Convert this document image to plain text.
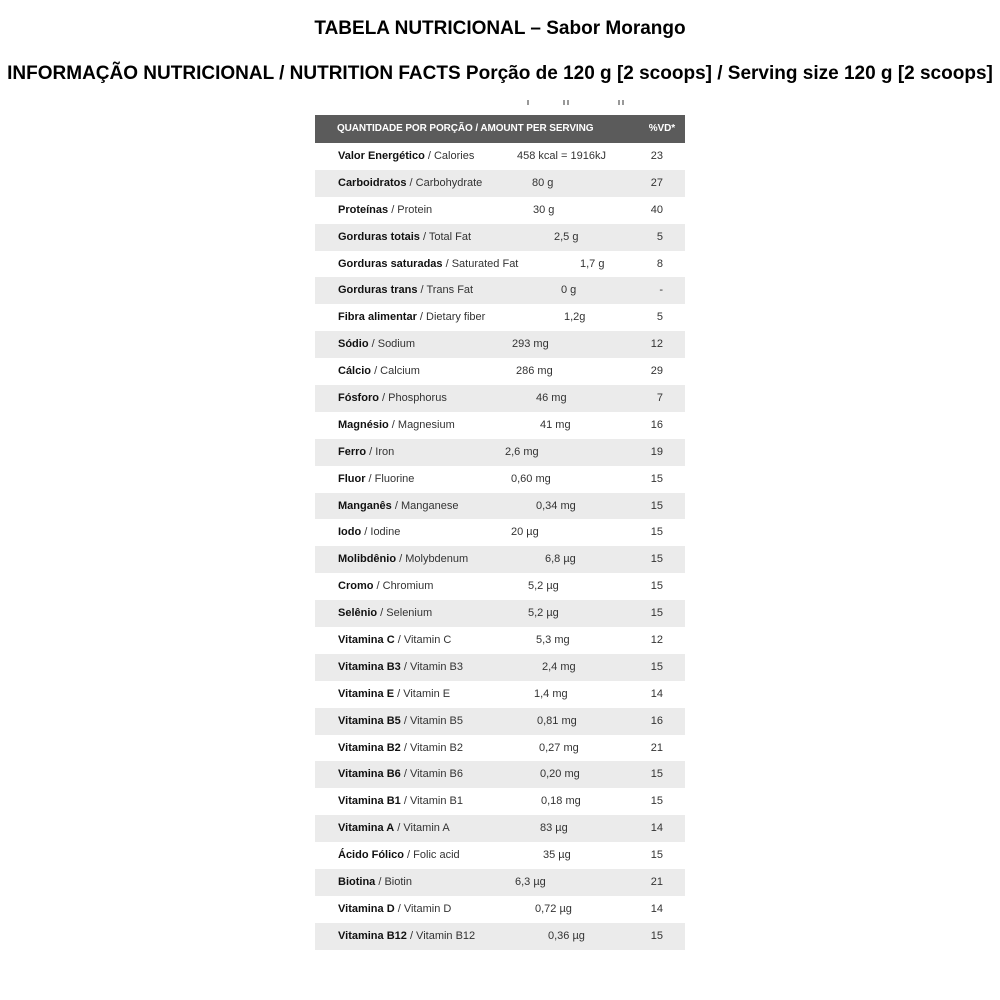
TABELA NUTRICIONAL – Sabor Morango
INFORMAÇÃO NUTRICIONAL / NUTRITION FACTS Porção de 120 g [2 scoops] / Serving size 120 g [2 scoops]
QUANTIDADE POR PORÇÃO / AMOUNT PER SERVING	%VD*
Valor Energético / Calories	458 kcal = 1916kJ	23
Carboidratos / Carbohydrate	80 g	27
Proteínas / Protein	30 g	40
Gorduras totais / Total Fat	2,5 g	5
Gorduras saturadas / Saturated Fat	1,7 g	8
Gorduras trans / Trans Fat	0 g	-
Fibra alimentar / Dietary fiber	1,2g	5
Sódio / Sodium	293 mg	12
Cálcio / Calcium	286 mg	29
Fósforo / Phosphorus	46 mg	7
Magnésio / Magnesium	41 mg	16
Ferro / Iron	2,6 mg	19
Fluor / Fluorine	0,60 mg	15
Manganês / Manganese	0,34 mg	15
Iodo / Iodine	20 µg	15
Molibdênio / Molybdenum	6,8 µg	15
Cromo / Chromium	5,2 µg	15
Selênio / Selenium	5,2 µg	15
Vitamina C / Vitamin C	5,3 mg	12
Vitamina B3 / Vitamin B3	2,4 mg	15
Vitamina E / Vitamin E	1,4 mg	14
Vitamina B5 / Vitamin B5	0,81 mg	16
Vitamina B2 / Vitamin B2	0,27 mg	21
Vitamina B6 / Vitamin B6	0,20 mg	15
Vitamina B1 / Vitamin B1	0,18 mg	15
Vitamina A / Vitamin A	83 µg	14
Ácido Fólico / Folic acid	35 µg	15
Biotina / Biotin	6,3 µg	21
Vitamina D / Vitamin D	0,72 µg	14
Vitamina B12 / Vitamin B12	0,36 µg	15
